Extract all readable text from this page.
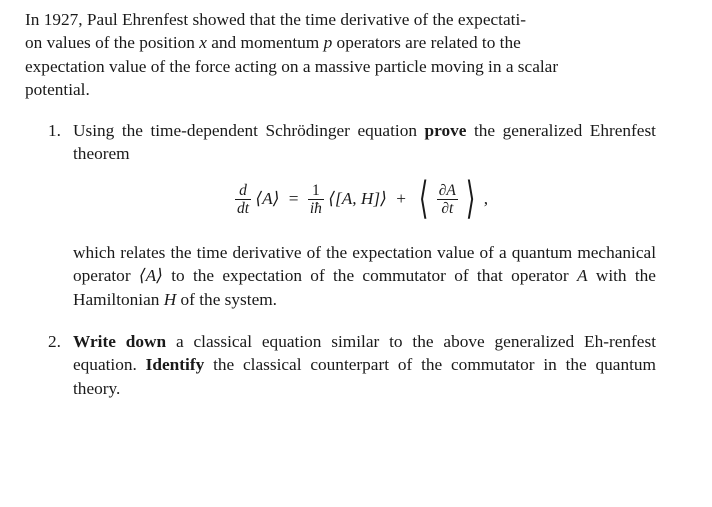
In 1927, Paul Ehrenfest showed that the time derivative of the expectati-
on values of the position x and momentum p operators are related to the
expectation value of the force acting on a massive particle moving in a scalar
potential.

1. Using the time-dependent Schrödinger equation prove the generalized Ehrenfest theorem

$\frac{d}{dt}$ ⟨A⟩ = $\frac{1}{iħ}$ ⟨[A, H]⟩ + ⟨ $\frac{\partial A}{\partial t}$ ⟩ ,

which relates the time derivative of the expectation value of a quantum mechanical operator ⟨A⟩ to the expectation of the commutator of that operator A with the Hamiltonian H of the system.

2. Write down a classical equation similar to the above generalized Eh-renfest equation. Identify the classical counterpart of the commutator in the quantum theory.
